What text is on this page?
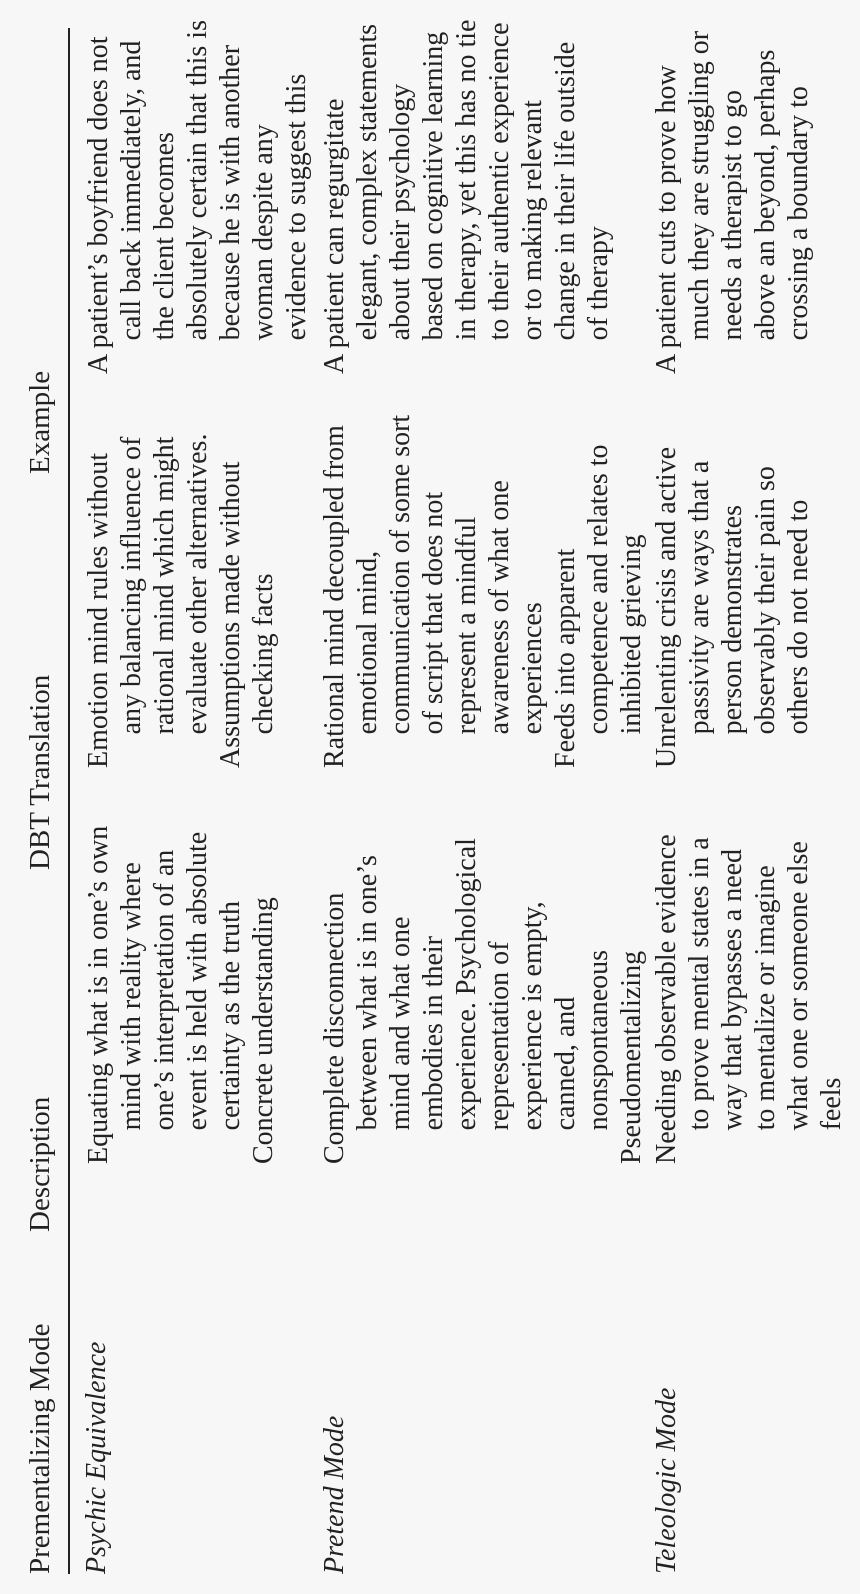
Prementalizing Mode
Description
DBT Translation
Example
Psychic Equivalence
Equating what is in one’s own mind with reality where one’s interpretation of an event is held with absolute certainty as the truth Concrete understanding
Emotion mind rules without any balancing influence of rational mind which might evaluate other alternatives. Assumptions made without checking facts
A patient’s boyfriend does not call back immediately, and the client becomes absolutely certain that this is because he is with another woman despite any evidence to suggest this
Pretend Mode
Complete disconnection between what is in one’s mind and what one embodies in their experience. Psychological representation of experience is empty, canned, and nonspontaneous Pseudomentalizing
Rational mind decoupled from emotional mind, communication of some sort of script that does not represent a mindful awareness of what one experiences Feeds into apparent competence and relates to inhibited grieving
A patient can regurgitate elegant, complex statements about their psychology based on cognitive learning in therapy, yet this has no tie to their authentic experience or to making relevant change in their life outside of therapy
Teleologic Mode
Needing observable evidence to prove mental states in a way that bypasses a need to mentalize or imagine what one or someone else feels
Unrelenting crisis and active passivity are ways that a person demonstrates observably their pain so others do not need to
A patient cuts to prove how much they are struggling or needs a therapist to go above an beyond, perhaps crossing a boundary to
